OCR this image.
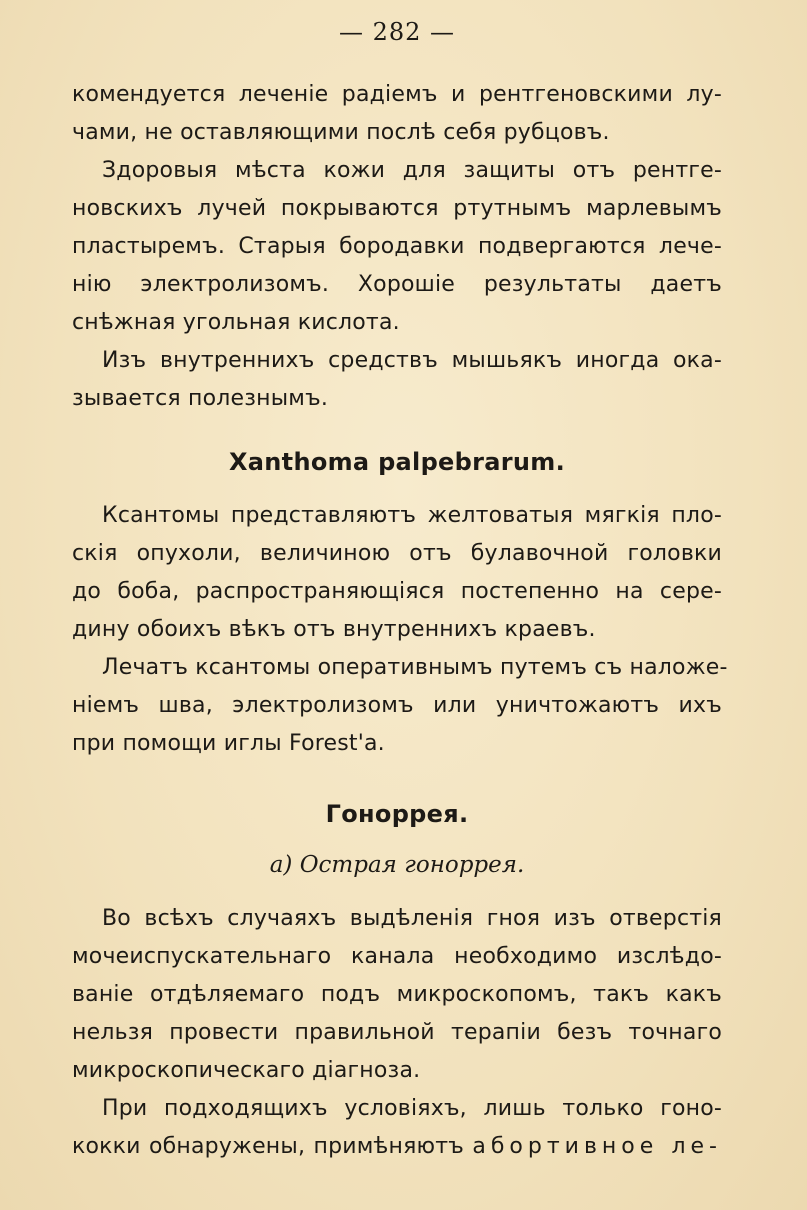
— 282 —
комендуется леченіе радіемъ и рентгеновскими лу-
чами, не оставляющими послѣ себя рубцовъ.
Здоровыя мѣста кожи для защиты отъ рентге-
новскихъ лучей покрываются ртутнымъ марлевымъ
пластыремъ. Старыя бородавки подвергаются лече-
нію электролизомъ. Хорошіе результаты даетъ
снѣжная угольная кислота.
Изъ внутреннихъ средствъ мышьякъ иногда ока-
зывается полезнымъ.
Xanthoma palpebrarum.
Ксантомы представляютъ желтоватыя мягкія пло-
скія опухоли, величиною отъ булавочной головки
до боба, распространяющіяся постепенно на сере-
дину обоихъ вѣкъ отъ внутреннихъ краевъ.
Лечатъ ксантомы оперативнымъ путемъ съ наложе-
ніемъ шва, электролизомъ или уничтожаютъ ихъ
при помощи иглы Forest'a.
Гоноррея.
a) Острая гоноррея.
Во всѣхъ случаяхъ выдѣленія гноя изъ отверстія
мочеиспускательнаго канала необходимо изслѣдо-
ваніе отдѣляемаго подъ микроскопомъ, такъ какъ
нельзя провести правильной терапіи безъ точнаго
микроскопическаго діагноза.
При подходящихъ условіяхъ, лишь только гоно-
кокки обнаружены, примѣняютъ абортивное ле-
